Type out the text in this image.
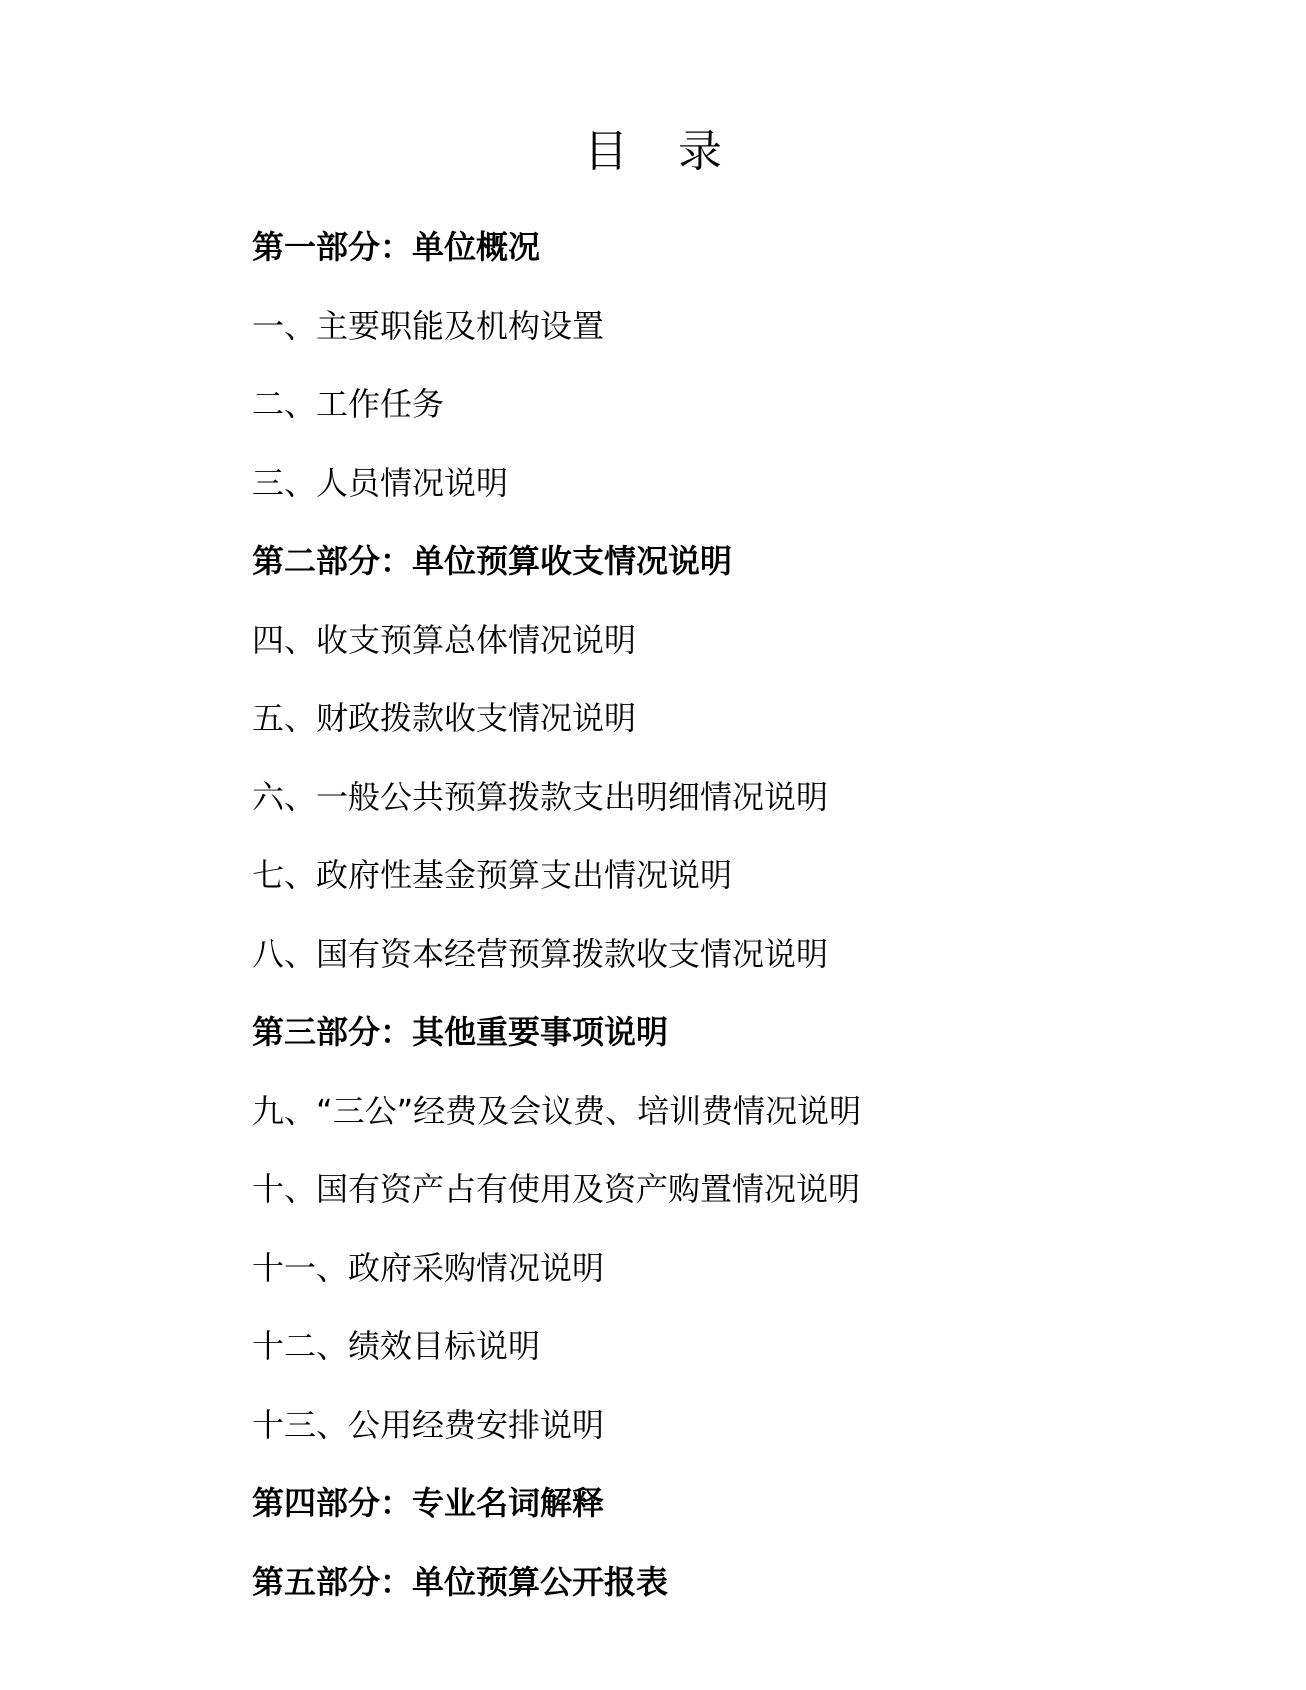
目 录
第一部分：单位概况
一、主要职能及机构设置
二、工作任务
三、人员情况说明
第二部分：单位预算收支情况说明
四、收支预算总体情况说明
五、财政拨款收支情况说明
六、一般公共预算拨款支出明细情况说明
七、政府性基金预算支出情况说明
八、国有资本经营预算拨款收支情况说明
第三部分：其他重要事项说明
九、“三公”经费及会议费、培训费情况说明
十、国有资产占有使用及资产购置情况说明
十一、政府采购情况说明
十二、绩效目标说明
十三、公用经费安排说明
第四部分：专业名词解释
第五部分：单位预算公开报表
